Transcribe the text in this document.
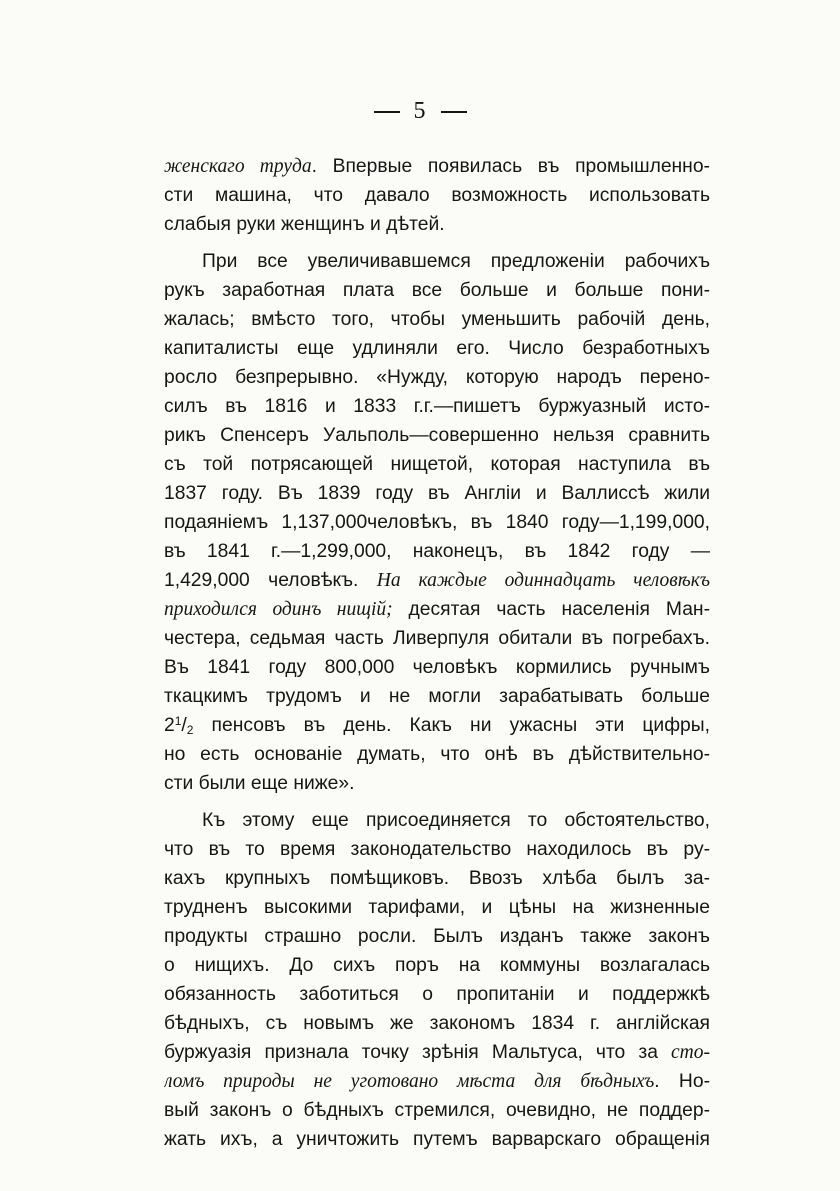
5
женскаго труда. Впервые появилась въ промышленно-
сти машина, что давало возможность использовать
слабыя руки женщинъ и дѣтей.
При все увеличивавшемся предложенiи рабочихъ
рукъ заработная плата все больше и больше пони-
жалась; вмѣсто того, чтобы уменьшить рабочiй день,
капиталисты еще удлиняли его. Число безработныхъ
росло безпрерывно. «Нужду, которую народъ перено-
силъ въ 1816 и 1833 г.г.—пишетъ буржуазный исто-
рикъ Спенсеръ Уальполь—совершенно нельзя сравнить
съ той потрясающей нищетой, которая наступила въ
1837 году. Въ 1839 году въ Англiи и Валлиссѣ жили
подаянiемъ 1,137,000человѣкъ, въ 1840 году—1,199,000,
въ 1841 г.—1,299,000, наконецъ, въ 1842 году —
1,429,000 человѣкъ. На каждые одиннадцать человѣкъ
приходился одинъ нищiй; десятая часть населенiя Ман-
честера, седьмая часть Ливерпуля обитали въ погребахъ.
Въ 1841 году 800,000 человѣкъ кормились ручнымъ
ткацкимъ трудомъ и не могли зарабатывать больше
$2^1/_2$ пенсовъ въ день. Какъ ни ужасны эти цифры,
но есть основанiе думать, что онѣ въ дѣйствительно-
сти были еще ниже».
Къ этому еще присоединяется то обстоятельство,
что въ то время законодательство находилось въ ру-
кахъ крупныхъ помѣщиковъ. Ввозъ хлѣба былъ за-
трудненъ высокими тарифами, и цѣны на жизненные
продукты страшно росли. Былъ изданъ также законъ
о нищихъ. До сихъ поръ на коммуны возлагалась
обязанность заботиться о пропитанiи и поддержкѣ
бѣдныхъ, съ новымъ же закономъ 1834 г. англiйская
буржуазiя признала точку зрѣнiя Мальтуса, что за сто-
ломъ природы не уготовано мѣста для бѣдныхъ. Но-
вый законъ о бѣдныхъ стремился, очевидно, не поддер-
жать ихъ, а уничтожить путемъ варварскаго обращенiя
